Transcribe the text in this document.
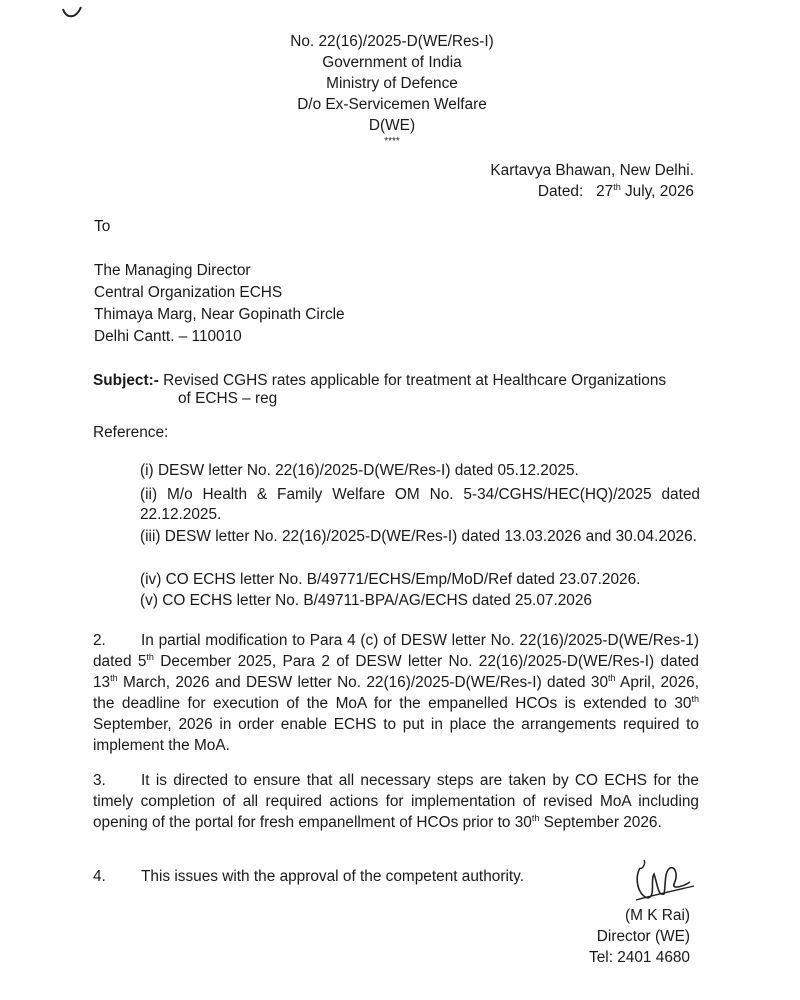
No. 22(16)/2025-D(WE/Res-I)
Government of India
Ministry of Defence
D/o Ex-Servicemen Welfare
D(WE)
****
Kartavya Bhawan, New Delhi.
Dated: 27th July, 2026
To
The Managing Director
Central Organization ECHS
Thimaya Marg, Near Gopinath Circle
Delhi Cantt. – 110010
Subject:- Revised CGHS rates applicable for treatment at Healthcare Organizations
of ECHS – reg
Reference:
(i) DESW letter No. 22(16)/2025-D(WE/Res-I) dated 05.12.2025.
(ii) M/o Health & Family Welfare OM No. 5-34/CGHS/HEC(HQ)/2025 dated 22.12.2025.
(iii) DESW letter No. 22(16)/2025-D(WE/Res-I) dated 13.03.2026 and 30.04.2026.
(iv) CO ECHS letter No. B/49771/ECHS/Emp/MoD/Ref dated 23.07.2026.
(v) CO ECHS letter No. B/49711-BPA/AG/ECHS dated 25.07.2026
2. In partial modification to Para 4 (c) of DESW letter No. 22(16)/2025-D(WE/Res-1) dated 5th December 2025, Para 2 of DESW letter No. 22(16)/2025-D(WE/Res-I) dated 13th March, 2026 and DESW letter No. 22(16)/2025-D(WE/Res-I) dated 30th April, 2026, the deadline for execution of the MoA for the empanelled HCOs is extended to 30th September, 2026 in order enable ECHS to put in place the arrangements required to implement the MoA.
3. It is directed to ensure that all necessary steps are taken by CO ECHS for the timely completion of all required actions for implementation of revised MoA including opening of the portal for fresh empanellment of HCOs prior to 30th September 2026.
4. This issues with the approval of the competent authority.
(M K Rai)
Director (WE)
Tel: 2401 4680
